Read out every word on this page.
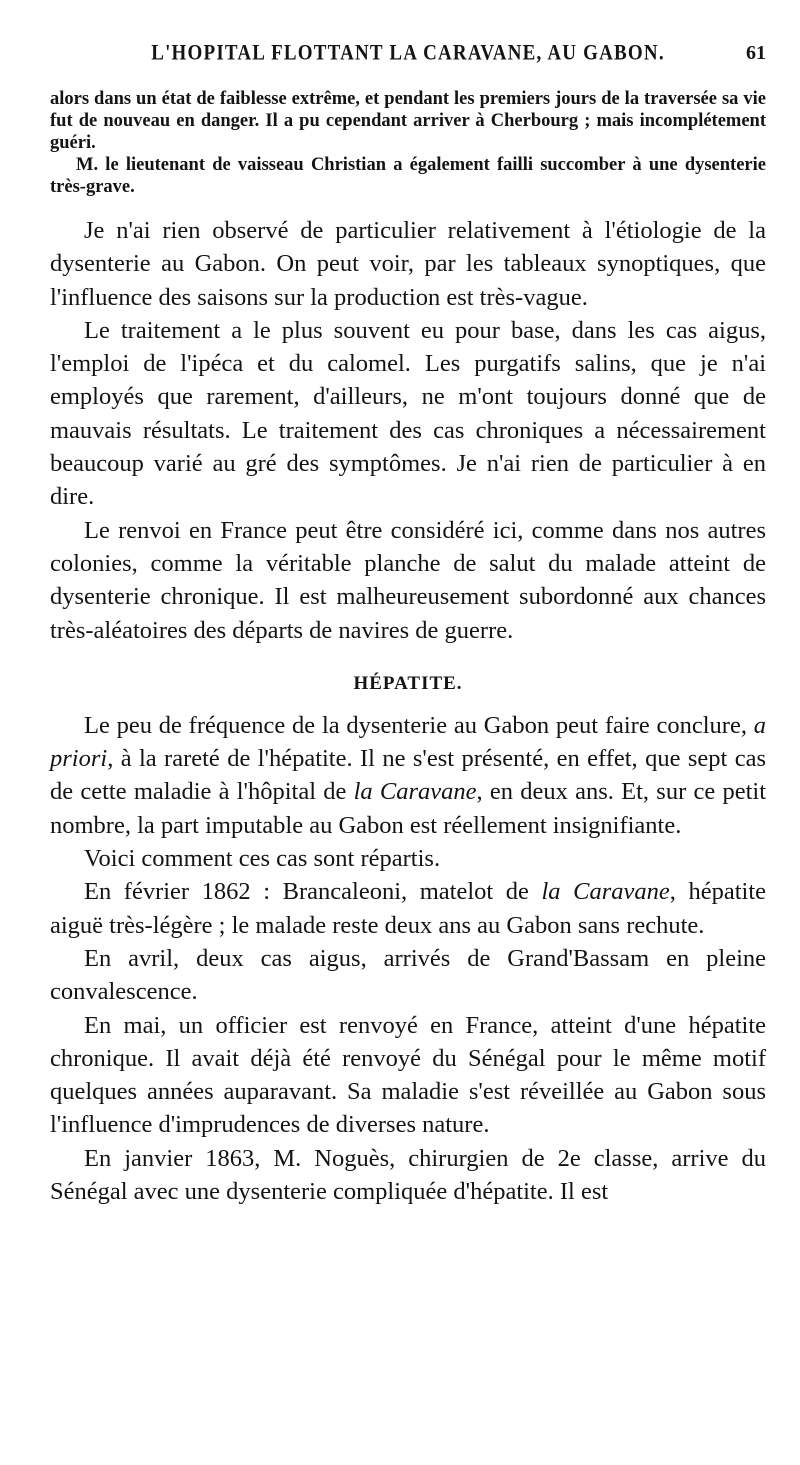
L'HOPITAL FLOTTANT LA CARAVANE, AU GABON.	61

alors dans un état de faiblesse extrême, et pendant les premiers jours de la traversée sa vie fut de nouveau en danger. Il a pu cependant arriver à Cherbourg ; mais incomplétement guéri.

M. le lieutenant de vaisseau Christian a également failli succomber à une dysenterie très-grave.

Je n'ai rien observé de particulier relativement à l'étiologie de la dysenterie au Gabon. On peut voir, par les tableaux synoptiques, que l'influence des saisons sur la production est très-vague.

Le traitement a le plus souvent eu pour base, dans les cas aigus, l'emploi de l'ipéca et du calomel. Les purgatifs salins, que je n'ai employés que rarement, d'ailleurs, ne m'ont toujours donné que de mauvais résultats. Le traitement des cas chroniques a nécessairement beaucoup varié au gré des symptômes. Je n'ai rien de particulier à en dire.

Le renvoi en France peut être considéré ici, comme dans nos autres colonies, comme la véritable planche de salut du malade atteint de dysenterie chronique. Il est malheureusement subordonné aux chances très-aléatoires des départs de navires de guerre.

HÉPATITE.

Le peu de fréquence de la dysenterie au Gabon peut faire conclure, a priori, à la rareté de l'hépatite. Il ne s'est présenté, en effet, que sept cas de cette maladie à l'hôpital de la Caravane, en deux ans. Et, sur ce petit nombre, la part imputable au Gabon est réellement insignifiante.

Voici comment ces cas sont répartis.

En février 1862 : Brancaleoni, matelot de la Caravane, hépatite aiguë très-légère ; le malade reste deux ans au Gabon sans rechute.

En avril, deux cas aigus, arrivés de Grand'Bassam en pleine convalescence.

En mai, un officier est renvoyé en France, atteint d'une hépatite chronique. Il avait déjà été renvoyé du Sénégal pour le même motif quelques années auparavant. Sa maladie s'est réveillée au Gabon sous l'influence d'imprudences de diverses nature.

En janvier 1863, M. Noguès, chirurgien de 2e classe, arrive du Sénégal avec une dysenterie compliquée d'hépatite. Il est
